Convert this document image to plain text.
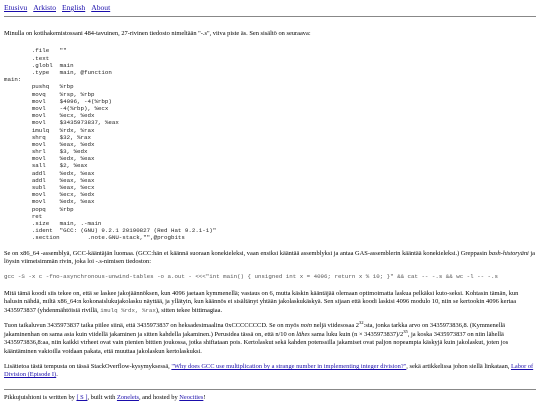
Etusivu Arkisto English About

Minulla on kotihakemistossani 484-tavuinen, 27-rivinen tiedosto nimeltään "-.s", viiva piste äs. Sen sisältö on seuraava:

.file   ""
.text
.globl  main
.type   main, @function
main:
pushq   %rbp
movq    %rsp, %rbp
movl    $4096, -4(%rbp)
movl    -4(%rbp), %ecx
movl    %ecx, %edx
movl    $3435973837, %eax
imulq   %rdx, %rax
shrq    $32, %rax
movl    %eax, %edx
shrl    $3, %edx
movl    %edx, %eax
sall    $2, %eax
addl    %edx, %eax
addl    %eax, %eax
subl    %eax, %ecx
movl    %ecx, %edx
movl    %edx, %eax
popq    %rbp
ret
.size   main, .-main
.ident  "GCC: (GNU) 9.2.1 20190827 (Red Hat 9.2.1-1)"
.section        .note.GNU-stack,"",@progbits

Se on x86_64 -assemblyä, GCC-kääntäjän luomaa. (GCC:hän ei käännä suoraan konekieleksi, vaan ensiksi kääntää assemblyksi ja antaa GAS-assemblerin kääntää konekieleksi.) Greppasin bash-historyäni ja löysin viimeisimmän rivin, joka loi -.s-nimisen tiedoston:

gcc -S -x c -fno-asynchronous-unwind-tables -o a.out - <<<"int main() { unsigned int x = 4096; return x % 10; }" && cat -- -.s && wc -l -- -.s

Mitä tämä koodi siis tekee on, että se laskee jakojäännöksen, kun 4096 jaetaan kymmenellä; vastaus on 6, mutta käskin kääntäjää olemaan optimoimatta laskua pelkäksi kuto-seksi. Kohtasin tämän, kun halusin nähdä, miltä x86_64:n kokonaislukujakolasku näyttää, ja yllätyin, kun käännös ei sisältänyt yhtään jakolaskukäskyä. Sen sijaan että koodi laskisi 4096 modulo 10, niin se kertookin 4096 kertaa 3435973837 (yhdenmähtöisiä rivillä, imulq %rdx, %rax), sitten tekee bittimagiaa.

Tuon taikaluvun 3435973837 taika piilee siinä, että 3435973837 on heksadesimaalina 0xCCCCCCCD. Se on myös noin neljä viidesosaa $2^{32}:sta$, jonka tarkka arvo on 3435973836,8. (Kymmenellä jakaminenhan on sama asia kuin viidellä jakaminen ja sitten kahdella jakaminen.) Perusidea tässä on, että n/10 on lähes sama luku kuin $(n \times 3435973837)/2^{35}$, ja koska 3435973837 on niin lähellä 3435973836,8:aa, niin kaikki virheet ovat vain pienien bittien joukossa, jotka shiftataan pois. Kertolaskut sekä kahden potenssilla jakamiset ovat paljon nopeampia käskyjä kuin jakolaskut, joten jos kääntäminen vakioilla voidaan pakata, että muuttaa jakolaskun kertolaskuksi.

Lisätietoa tästä tempusta on tässä StackOverflow-kysymyksessä, "Why does GCC use multiplication by a strange number in implementing integer division?", sekä artikkelissa johon siellä linkataan, Labor of Division (Episode I).

Pikkujuishioni is written by [ S ], built with Zonelets, and hosted by Neocities!
